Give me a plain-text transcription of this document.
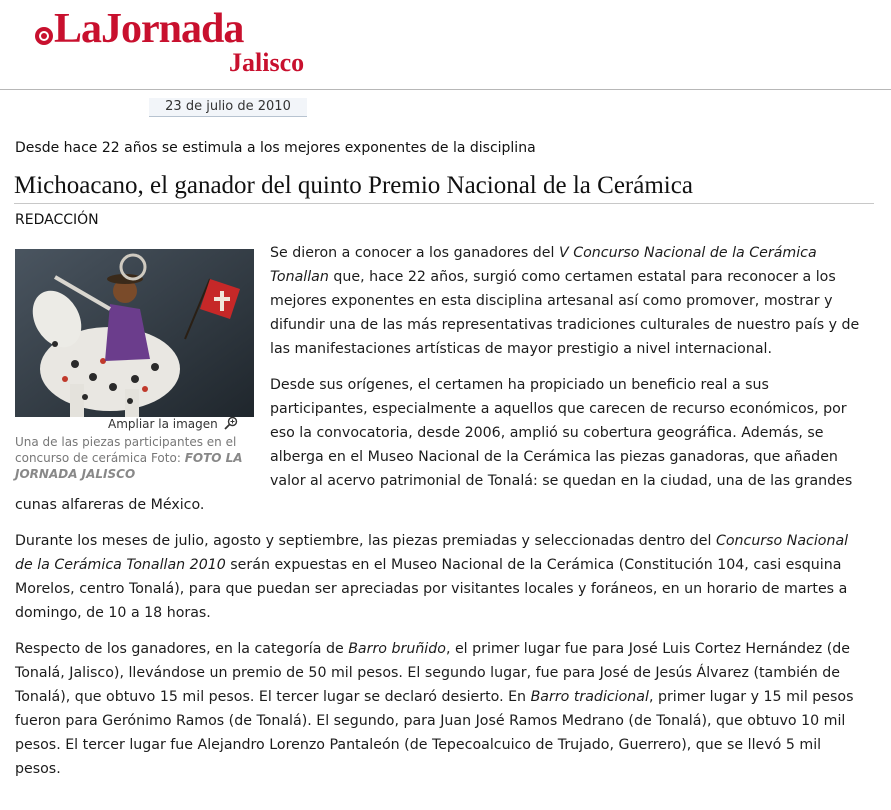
LaJornada
Jalisco
23 de julio de 2010
Desde hace 22 años se estimula a los mejores exponentes de la disciplina
Michoacano, el ganador del quinto Premio Nacional de la Cerámica
REDACCIÓN
Ampliar la imagen
Una de las piezas participantes en el concurso de cerámica Foto: FOTO LA JORNADA JALISCO

Se dieron a conocer a los ganadores del V Concurso Nacional de la Cerámica Tonallan que, hace 22 años, surgió como certamen estatal para reconocer a los mejores exponentes en esta disciplina artesanal así como promover, mostrar y difundir una de las más representativas tradiciones culturales de nuestro país y de las manifestaciones artísticas de mayor prestigio a nivel internacional.

Desde sus orígenes, el certamen ha propiciado un beneficio real a sus participantes, especialmente a aquellos que carecen de recurso económicos, por eso la convocatoria, desde 2006, amplió su cobertura geográfica. Además, se alberga en el Museo Nacional de la Cerámica las piezas ganadoras, que añaden valor al acervo patrimonial de Tonalá: se quedan en la ciudad, una de las grandes cunas alfareras de México.

Durante los meses de julio, agosto y septiembre, las piezas premiadas y seleccionadas dentro del Concurso Nacional de la Cerámica Tonallan 2010 serán expuestas en el Museo Nacional de la Cerámica (Constitución 104, casi esquina Morelos, centro Tonalá), para que puedan ser apreciadas por visitantes locales y foráneos, en un horario de martes a domingo, de 10 a 18 horas.

Respecto de los ganadores, en la categoría de Barro bruñido, el primer lugar fue para José Luis Cortez Hernández (de Tonalá, Jalisco), llevándose un premio de 50 mil pesos. El segundo lugar, fue para José de Jesús Álvarez (también de Tonalá), que obtuvo 15 mil pesos. El tercer lugar se declaró desierto. En Barro tradicional, primer lugar y 15 mil pesos fueron para Gerónimo Ramos (de Tonalá). El segundo, para Juan José Ramos Medrano (de Tonalá), que obtuvo 10 mil pesos. El tercer lugar fue Alejandro Lorenzo Pantaleón (de Tepecoalcuico de Trujado, Guerrero), que se llevó 5 mil pesos.
